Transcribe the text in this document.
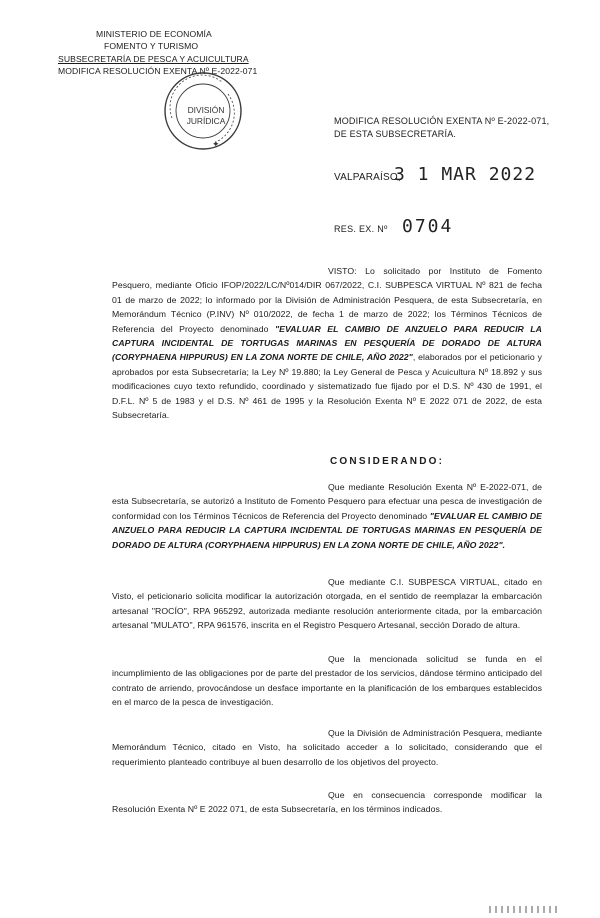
MINISTERIO DE ECONOMÍA
FOMENTO Y TURISMO
SUBSECRETARÍA DE PESCA Y ACUICULTURA
MODIFICA RESOLUCIÓN EXENTA Nº E-2022-071
✦
DIVISIÓN
JURÍDICA	MODIFICA RESOLUCIÓN EXENTA Nº E-2022-071,
DE ESTA SUBSECRETARÍA.
VALPARAÍSO,
3 1 MAR 2022
RES. EX. Nº 0704
VISTO: Lo solicitado por Instituto de Fomento Pesquero, mediante Oficio IFOP/2022/LC/Nº014/DIR 067/2022, C.I. SUBPESCA VIRTUAL Nº 821 de fecha 01 de marzo de 2022; lo informado por la División de Administración Pesquera, de esta Subsecretaría, en Memorándum Técnico (P.INV) Nº 010/2022, de fecha 1 de marzo de 2022; los Términos Técnicos de Referencia del Proyecto denominado "EVALUAR EL CAMBIO DE ANZUELO PARA REDUCIR LA CAPTURA INCIDENTAL DE TORTUGAS MARINAS EN PESQUERÍA DE DORADO DE ALTURA (CORYPHAENA HIPPURUS) EN LA ZONA NORTE DE CHILE, AÑO 2022", elaborados por el peticionario y aprobados por esta Subsecretaría; la Ley Nº 19.880; la Ley General de Pesca y Acuicultura Nº 18.892 y sus modificaciones cuyo texto refundido, coordinado y sistematizado fue fijado por el D.S. Nº 430 de 1991, el D.F.L. Nº 5 de 1983 y el D.S. Nº 461 de 1995 y la Resolución Exenta Nº E 2022 071 de 2022, de esta Subsecretaría.
CONSIDERANDO:
Que mediante Resolución Exenta Nº E-2022-071, de esta Subsecretaría, se autorizó a Instituto de Fomento Pesquero para efectuar una pesca de investigación de conformidad con los Términos Técnicos de Referencia del Proyecto denominado "EVALUAR EL CAMBIO DE ANZUELO PARA REDUCIR LA CAPTURA INCIDENTAL DE TORTUGAS MARINAS EN PESQUERÍA DE DORADO DE ALTURA (CORYPHAENA HIPPURUS) EN LA ZONA NORTE DE CHILE, AÑO 2022".
Que mediante C.I. SUBPESCA VIRTUAL, citado en Visto, el peticionario solicita modificar la autorización otorgada, en el sentido de reemplazar la embarcación artesanal "ROCÍO", RPA 965292, autorizada mediante resolución anteriormente citada, por la embarcación artesanal "MULATO", RPA 961576, inscrita en el Registro Pesquero Artesanal, sección Dorado de altura.
Que la mencionada solicitud se funda en el incumplimiento de las obligaciones por de parte del prestador de los servicios, dándose término anticipado del contrato de arriendo, provocándose un desface importante en la planificación de los embarques establecidos en el marco de la pesca de investigación.
Que la División de Administración Pesquera, mediante Memorándum Técnico, citado en Visto, ha solicitado acceder a lo solicitado, considerando que el requerimiento planteado contribuye al buen desarrollo de los objetivos del proyecto.
Que en consecuencia corresponde modificar la Resolución Exenta Nº E 2022 071, de esta Subsecretaría, en los términos indicados.
